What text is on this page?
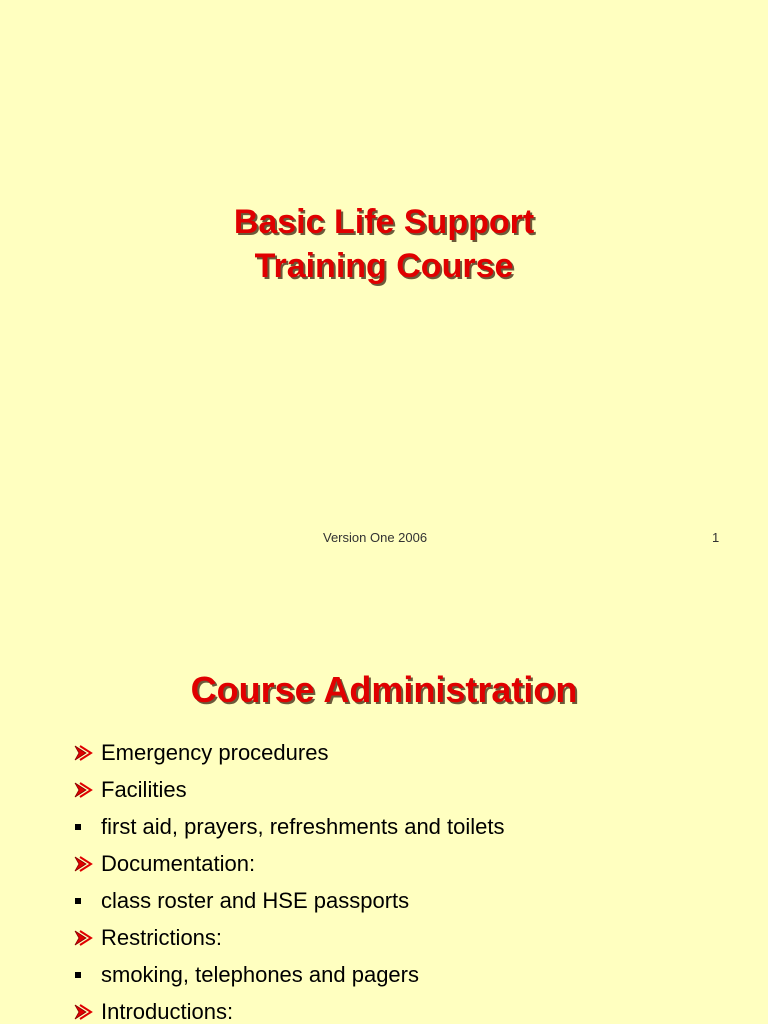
Basic Life Support
Training Course
Version One 2006	1
Course Administration
Emergency procedures
Facilities
first aid, prayers, refreshments and toilets
Documentation:
class roster and HSE passports
Restrictions:
smoking, telephones and pagers
Introductions:
